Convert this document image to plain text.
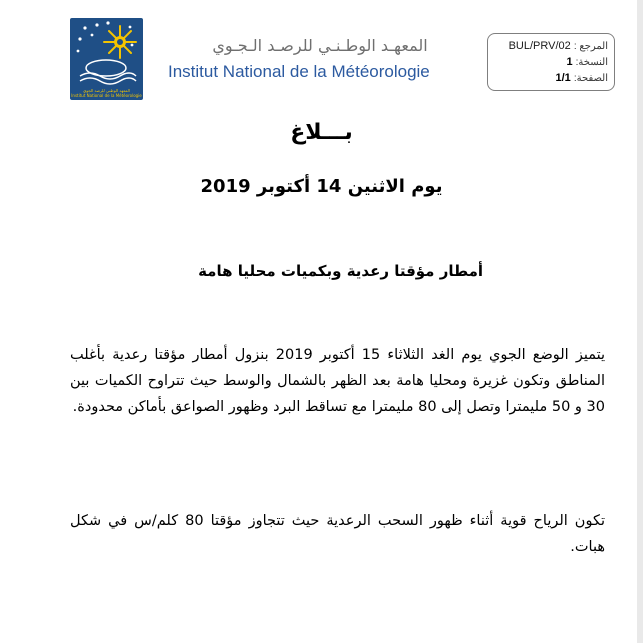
المعهد الوطني للرصد الجوي
Institut National de la Météorologie
المعهـد الوطـنـي للرصـد الـجـوي
Institut National de la Météorologie
المرجع : BUL/PRV/02
النسخة: 1
الصفحة: 1/1
بـــلاغ
يوم الاثنين 14 أكتوبر 2019
أمطار مؤقتا رعدية وبكميات محليا هامة
يتميز الوضع الجوي يوم الغد الثلاثاء 15 أكتوبر 2019 بنزول أمطار مؤقتا رعدية بأغلب المناطق وتكون غزيرة ومحليا هامة بعد الظهر بالشمال والوسط حيث تتراوح الكميات بين 30 و 50 مليمترا وتصل إلى 80 مليمترا مع تساقط البرد وظهور الصواعق بأماكن محدودة.
تكون الرياح قوية أثناء ظهور السحب الرعدية حيث تتجاوز مؤقتا 80 كلم/س في شكل هبات.
